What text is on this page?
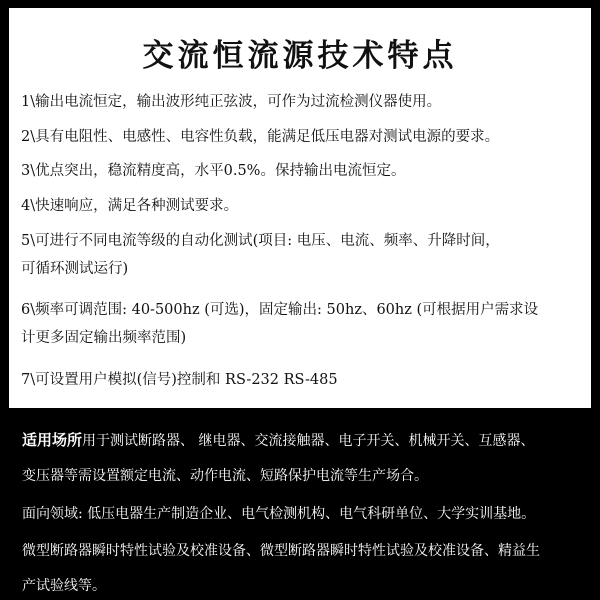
交流恒流源技术特点
1\输出电流恒定，输出波形纯正弦波，可作为过流检测仪器使用。
2\具有电阻性、电感性、电容性负载，能满足低压电器对测试电源的要求。
3\优点突出，稳流精度高，水平0.5%。保持输出电流恒定。
4\快速响应，满足各种测试要求。
5\可进行不同电流等级的自动化测试(项目: 电压、电流、频率、升降时间，
可循环测试运行)
6\频率可调范围: 40-500hz (可选)，固定输出: 50hz、60hz (可根据用户需求设
计更多固定输出频率范围)
7\可设置用户模拟(信号)控制和 RS-232 RS-485
适用场所用于测试断路器、 继电器、交流接触器、电子开关、机械开关、互感器、
变压器等需设置额定电流、动作电流、短路保护电流等生产场合。
面向领域: 低压电器生产制造企业、电气检测机构、电气科研单位、大学实训基地。
微型断路器瞬时特性试验及校准设备、微型断路器瞬时特性试验及校准设备、精益生
产试验线等。
